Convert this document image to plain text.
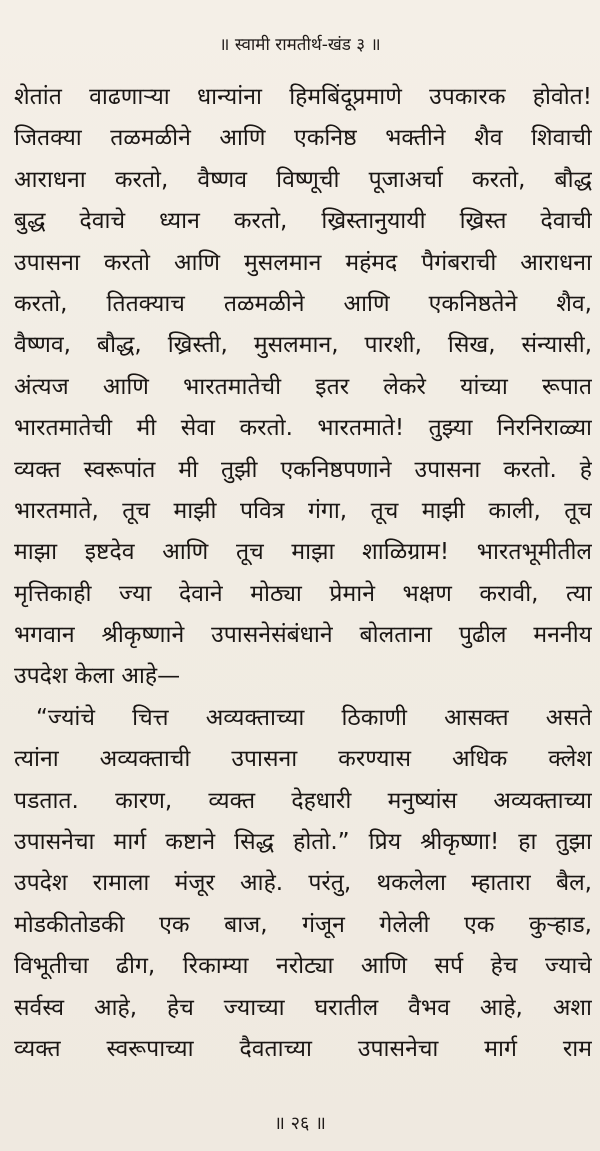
॥ स्वामी रामतीर्थ-खंड ३ ॥
शेतांत वाढणाऱ्या धान्यांना हिमबिंदूप्रमाणे उपकारक होवोत!
जितक्या तळमळीने आणि एकनिष्ठ भक्तीने शैव शिवाची
आराधना करतो, वैष्णव विष्णूची पूजाअर्चा करतो, बौद्ध
बुद्ध देवाचे ध्यान करतो, ख्रिस्तानुयायी ख्रिस्त देवाची
उपासना करतो आणि मुसलमान महंमद पैगंबराची आराधना
करतो, तितक्याच तळमळीने आणि एकनिष्ठतेने शैव,
वैष्णव, बौद्ध, ख्रिस्ती, मुसलमान, पारशी, सिख, संन्यासी,
अंत्यज आणि भारतमातेची इतर लेकरे यांच्या रूपात
भारतमातेची मी सेवा करतो. भारतमाते! तुझ्या निरनिराळ्या
व्यक्त स्वरूपांत मी तुझी एकनिष्ठपणाने उपासना करतो. हे
भारतमाते, तूच माझी पवित्र गंगा, तूच माझी काली, तूच
माझा इष्टदेव आणि तूच माझा शाळिग्राम! भारतभूमीतील
मृत्तिकाही ज्या देवाने मोठ्या प्रेमाने भक्षण करावी, त्या
भगवान श्रीकृष्णाने उपासनेसंबंधाने बोलताना पुढील मननीय
उपदेश केला आहे—
“ज्यांचे चित्त अव्यक्ताच्या ठिकाणी आसक्त असते
त्यांना अव्यक्ताची उपासना करण्यास अधिक क्लेश
पडतात. कारण, व्यक्त देहधारी मनुष्यांस अव्यक्ताच्या
उपासनेचा मार्ग कष्टाने सिद्ध होतो.” प्रिय श्रीकृष्णा! हा तुझा
उपदेश रामाला मंजूर आहे. परंतु, थकलेला म्हातारा बैल,
मोडकीतोडकी एक बाज, गंजून गेलेली एक कुऱ्हाड,
विभूतीचा ढीग, रिकाम्या नरोट्या आणि सर्प हेच ज्याचे
सर्वस्व आहे, हेच ज्याच्या घरातील वैभव आहे, अशा
व्यक्त स्वरूपाच्या दैवताच्या उपासनेचा मार्ग राम
॥ २६ ॥
